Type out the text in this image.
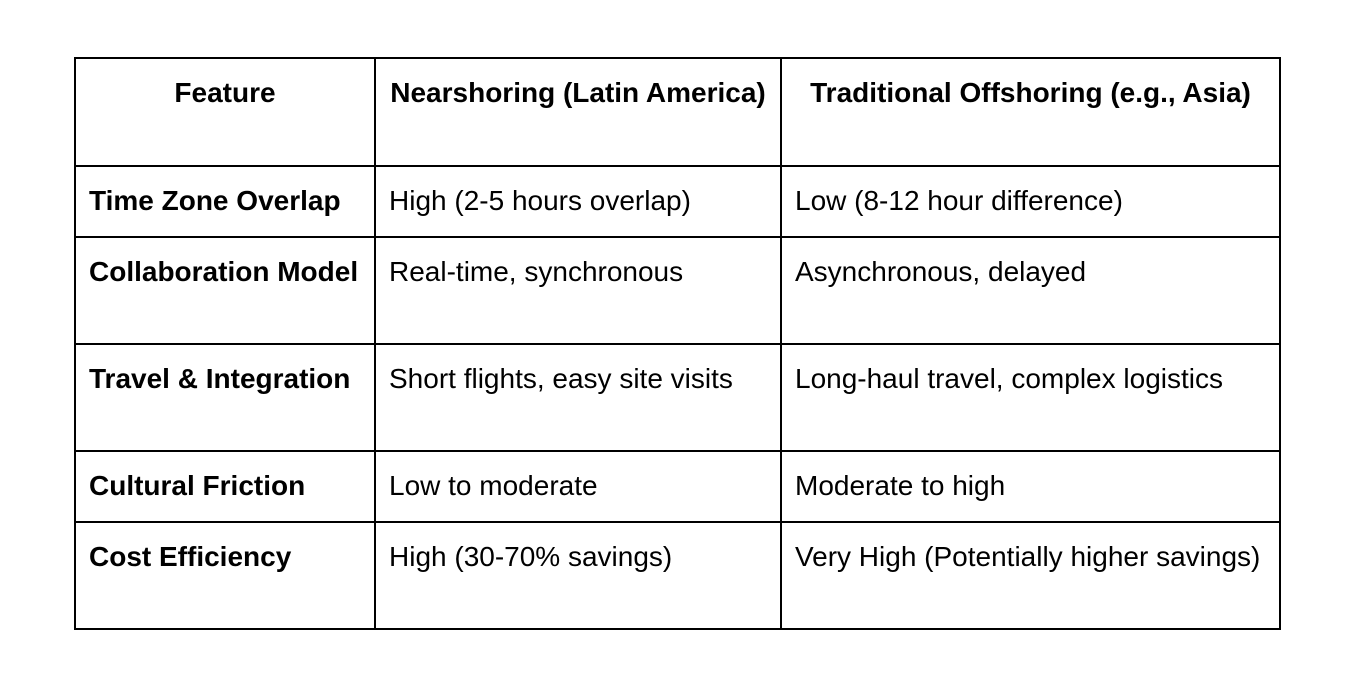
Feature	Nearshoring (Latin America)	Traditional Offshoring (e.g., Asia)
Time Zone Overlap	High (2-5 hours overlap)	Low (8-12 hour difference)
Collaboration Model	Real-time, synchronous	Asynchronous, delayed
Travel & Integration	Short flights, easy site visits	Long-haul travel, complex logistics
Cultural Friction	Low to moderate	Moderate to high
Cost Efficiency	High (30-70% savings)	Very High (Potentially higher savings)
